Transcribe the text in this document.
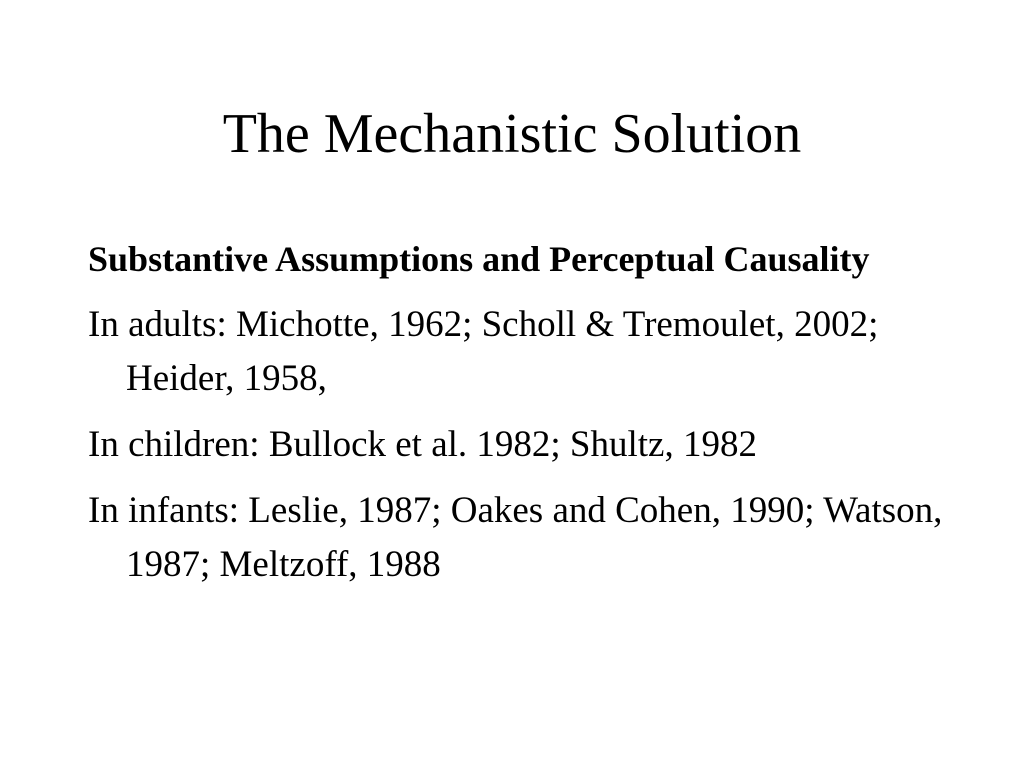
The Mechanistic Solution
Substantive Assumptions and Perceptual Causality
In adults: Michotte, 1962; Scholl & Tremoulet, 2002; Heider, 1958,
In children: Bullock et al. 1982; Shultz, 1982
In infants: Leslie, 1987; Oakes and Cohen, 1990; Watson, 1987; Meltzoff, 1988
